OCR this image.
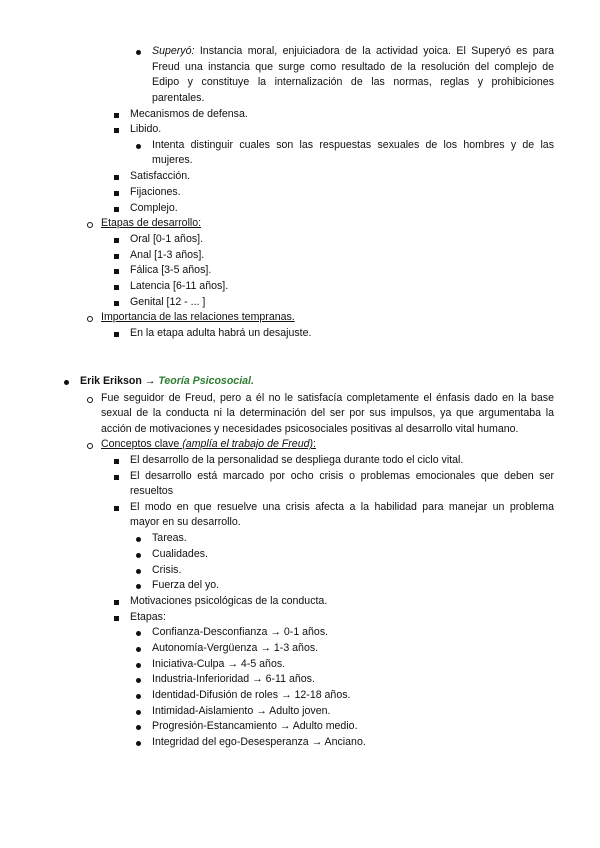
Superyó: Instancia moral, enjuiciadora de la actividad yoica. El Superyó es para
Freud una instancia que surge como resultado de la resolución del complejo de
Edipo y constituye la internalización de las normas, reglas y prohibiciones
parentales.
Mecanismos de defensa.
Libido.
Intenta distinguir cuales son las respuestas sexuales de los hombres y de las
mujeres.
Satisfacción.
Fijaciones.
Complejo.
Etapas de desarrollo:
Oral [0-1 años].
Anal [1-3 años].
Fálica [3-5 años].
Latencia [6-11 años].
Genital [12 - ... ]
Importancia de las relaciones tempranas.
En la etapa adulta habrá un desajuste.
Erik Erikson → Teoría Psicosocial.
Fue seguidor de Freud, pero a él no le satisfacía completamente el énfasis dado en la base
sexual de la conducta ni la determinación del ser por sus impulsos, ya que argumentaba la
acción de motivaciones y necesidades psicosociales positivas al desarrollo vital humano.
Conceptos clave (amplía el trabajo de Freud):
El desarrollo de la personalidad se despliega durante todo el ciclo vital.
El desarrollo está marcado por ocho crisis o problemas emocionales que deben ser
resueltos
El modo en que resuelve una crisis afecta a la habilidad para manejar un problema
mayor en su desarrollo.
Tareas.
Cualidades.
Crisis.
Fuerza del yo.
Motivaciones psicológicas de la conducta.
Etapas:
Confianza-Desconfianza → 0-1 años.
Autonomía-Vergüenza → 1-3 años.
Iniciativa-Culpa → 4-5 años.
Industria-Inferioridad → 6-11 años.
Identidad-Difusión de roles → 12-18 años.
Intimidad-Aislamiento → Adulto joven.
Progresión-Estancamiento → Adulto medio.
Integridad del ego-Desesperanza → Anciano.
